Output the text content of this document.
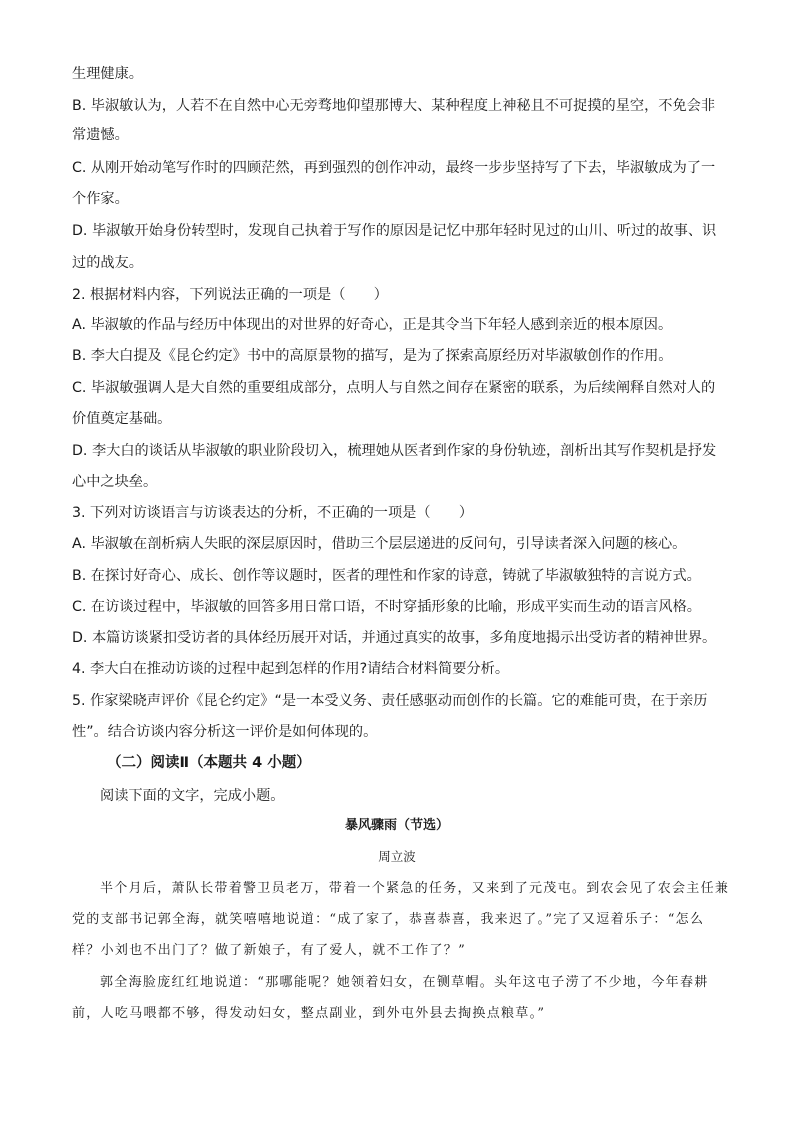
生理健康。
B. 毕淑敏认为，人若不在自然中心无旁骛地仰望那博大、某种程度上神秘且不可捉摸的星空，不免会非
常遗憾。
C. 从刚开始动笔写作时的四顾茫然，再到强烈的创作冲动，最终一步步坚持写了下去，毕淑敏成为了一
个作家。
D. 毕淑敏开始身份转型时，发现自己执着于写作的原因是记忆中那年轻时见过的山川、听过的故事、识
过的战友。
2. 根据材料内容，下列说法正确的一项是（　　）
A. 毕淑敏的作品与经历中体现出的对世界的好奇心，正是其令当下年轻人感到亲近的根本原因。
B. 李大白提及《昆仑约定》书中的高原景物的描写，是为了探索高原经历对毕淑敏创作的作用。
C. 毕淑敏强调人是大自然的重要组成部分，点明人与自然之间存在紧密的联系，为后续阐释自然对人的
价值奠定基础。
D. 李大白的谈话从毕淑敏的职业阶段切入，梳理她从医者到作家的身份轨迹，剖析出其写作契机是抒发
心中之块垒。
3. 下列对访谈语言与访谈表达的分析，不正确的一项是（　　）
A. 毕淑敏在剖析病人失眠的深层原因时，借助三个层层递进的反问句，引导读者深入问题的核心。
B. 在探讨好奇心、成长、创作等议题时，医者的理性和作家的诗意，铸就了毕淑敏独特的言说方式。
C. 在访谈过程中，毕淑敏的回答多用日常口语，不时穿插形象的比喻，形成平实而生动的语言风格。
D. 本篇访谈紧扣受访者的具体经历展开对话，并通过真实的故事，多角度地揭示出受访者的精神世界。
4. 李大白在推动访谈的过程中起到怎样的作用?请结合材料简要分析。
5. 作家梁晓声评价《昆仑约定》“是一本受义务、责任感驱动而创作的长篇。它的难能可贵，在于亲历
性”。结合访谈内容分析这一评价是如何体现的。
（二）阅读Ⅱ（本题共 4 小题）
阅读下面的文字，完成小题。
暴风骤雨（节选）
周立波
半个月后，萧队长带着警卫员老万，带着一个紧急的任务，又来到了元茂屯。到农会见了农会主任兼
党的支部书记郭全海，就笑嘻嘻地说道：“成了家了，恭喜恭喜，我来迟了。”完了又逗着乐子：“怎么
样？小刘也不出门了？做了新娘子，有了爱人，就不工作了？”
郭全海脸庞红红地说道：“那哪能呢？她领着妇女，在铡草帽。头年这屯子涝了不少地，今年春耕
前，人吃马喂都不够，得发动妇女，整点副业，到外屯外县去掏换点粮草。”
